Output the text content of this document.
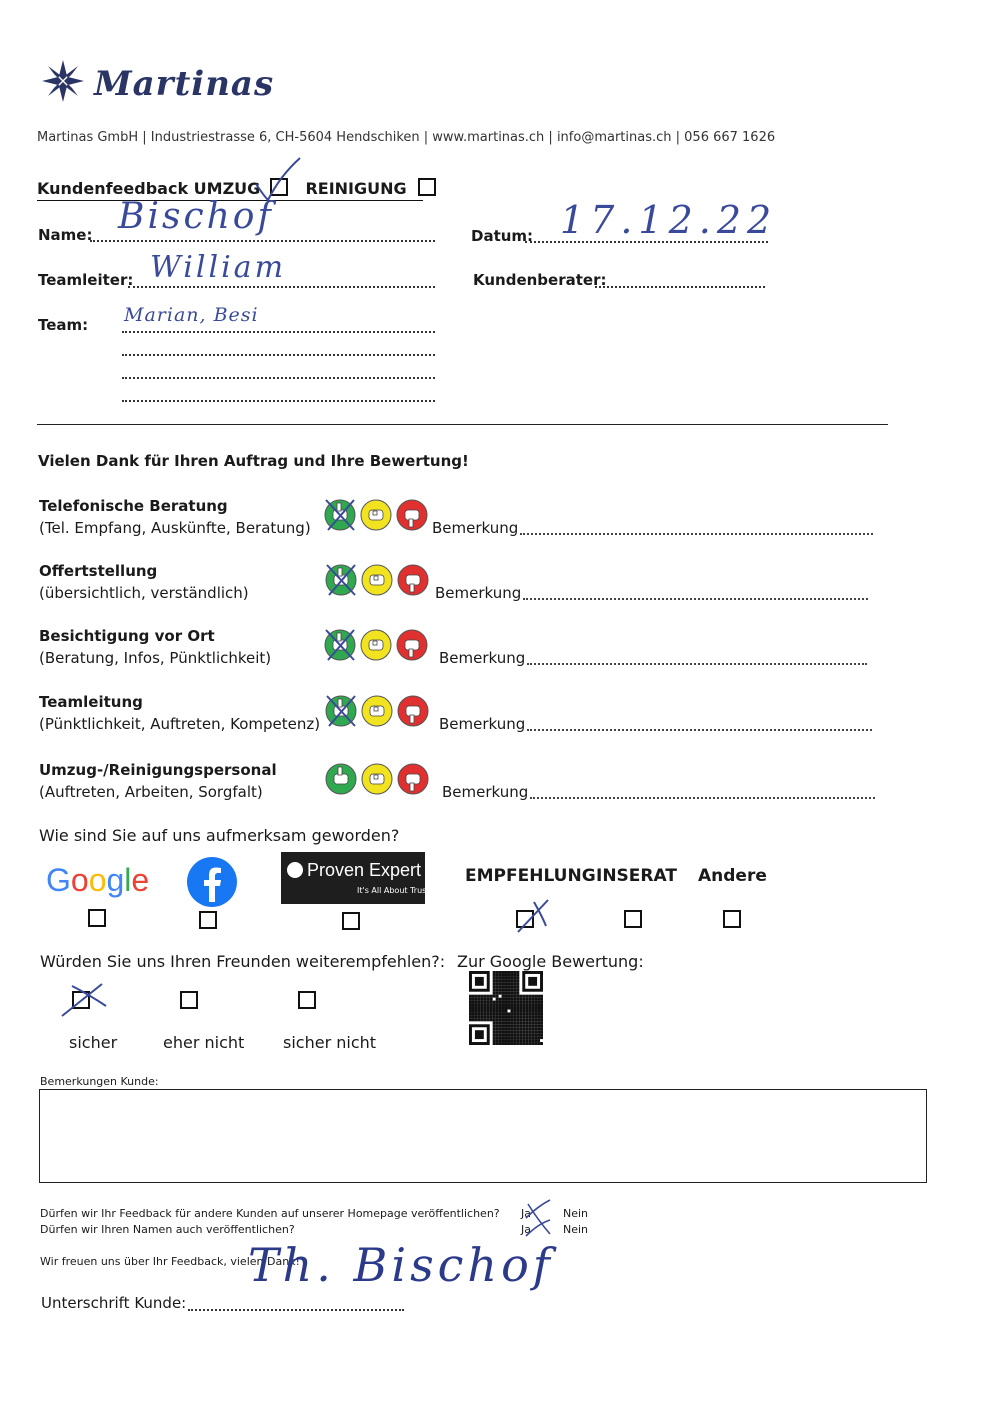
Martinas
Martinas GmbH | Industriestrasse 6, CH-5604 Hendschiken | www.martinas.ch | info@martinas.ch | 056 667 1626
Kundenfeedback UMZUG	REINIGUNG
Name: Bischof	Datum: 17.12.22
Teamleiter: William	Kundenberater:
Team: Marian, Besi
Vielen Dank für Ihren Auftrag und Ihre Bewertung!
Telefonische Beratung
(Tel. Empfang, Auskünfte, Beratung)	Bemerkung
Offertstellung
(übersichtlich, verständlich)	Bemerkung
Besichtigung vor Ort
(Beratung, Infos, Pünktlichkeit)	Bemerkung
Teamleitung
(Pünktlichkeit, Auftreten, Kompetenz)	Bemerkung
Umzug-/Reinigungspersonal
(Auftreten, Arbeiten, Sorgfalt)	Bemerkung
Wie sind Sie auf uns aufmerksam geworden?
Google	Proven Expert
It's All About Trust
EMPFEHLUNG INSERAT Andere
Würden Sie uns Ihren Freunden weiterempfehlen?: Zur Google Bewertung:
sicher	eher nicht sicher nicht
Bemerkungen Kunde:
Dürfen wir Ihr Feedback für andere Kunden auf unserer Homepage veröffentlichen?
Dürfen wir Ihren Namen auch veröffentlichen?
Ja	Nein
Ja	Nein
Wir freuen uns über Ihr Feedback, vielen Dank!
Unterschrift Kunde:
Th. Bischof
